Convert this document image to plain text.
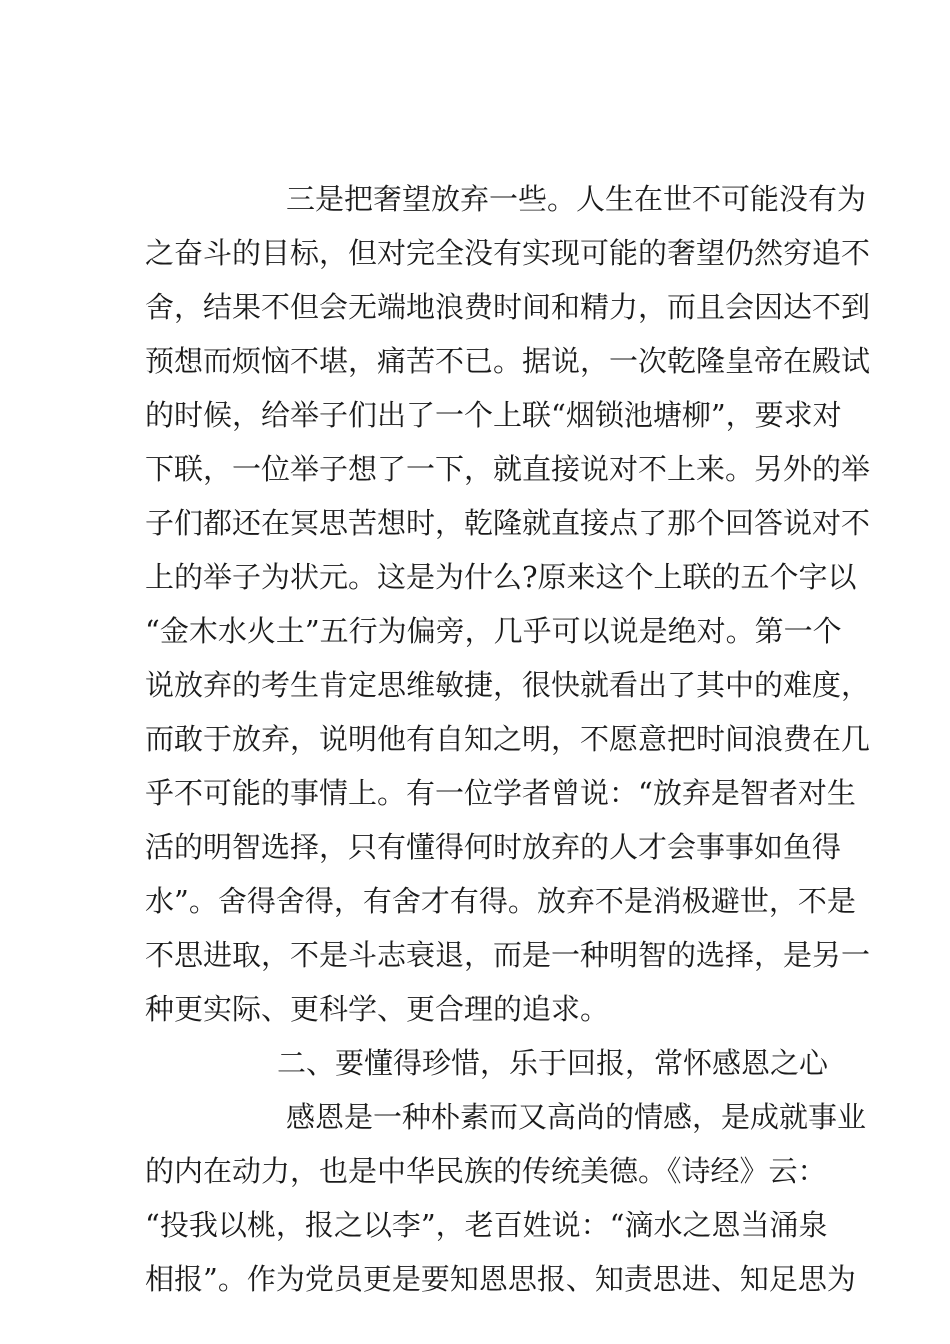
三是把奢望放弃一些。人生在世不可能没有为
之奋斗的目标，但对完全没有实现可能的奢望仍然穷追不
舍，结果不但会无端地浪费时间和精力，而且会因达不到
预想而烦恼不堪，痛苦不已。据说，一次乾隆皇帝在殿试
的时候，给举子们出了一个上联“烟锁池塘柳”，要求对
下联，一位举子想了一下，就直接说对不上来。另外的举
子们都还在冥思苦想时，乾隆就直接点了那个回答说对不
上的举子为状元。这是为什么?原来这个上联的五个字以
“金木水火土”五行为偏旁，几乎可以说是绝对。第一个
说放弃的考生肯定思维敏捷，很快就看出了其中的难度，
而敢于放弃，说明他有自知之明，不愿意把时间浪费在几
乎不可能的事情上。有一位学者曾说：“放弃是智者对生
活的明智选择，只有懂得何时放弃的人才会事事如鱼得
水”。舍得舍得，有舍才有得。放弃不是消极避世，不是
不思进取，不是斗志衰退，而是一种明智的选择，是另一
种更实际、更科学、更合理的追求。
二、要懂得珍惜，乐于回报，常怀感恩之心
感恩是一种朴素而又高尚的情感，是成就事业
的内在动力，也是中华民族的传统美德。《诗经》云：
“投我以桃，报之以李”，老百姓说：“滴水之恩当涌泉
相报”。作为党员更是要知恩思报、知责思进、知足思为
